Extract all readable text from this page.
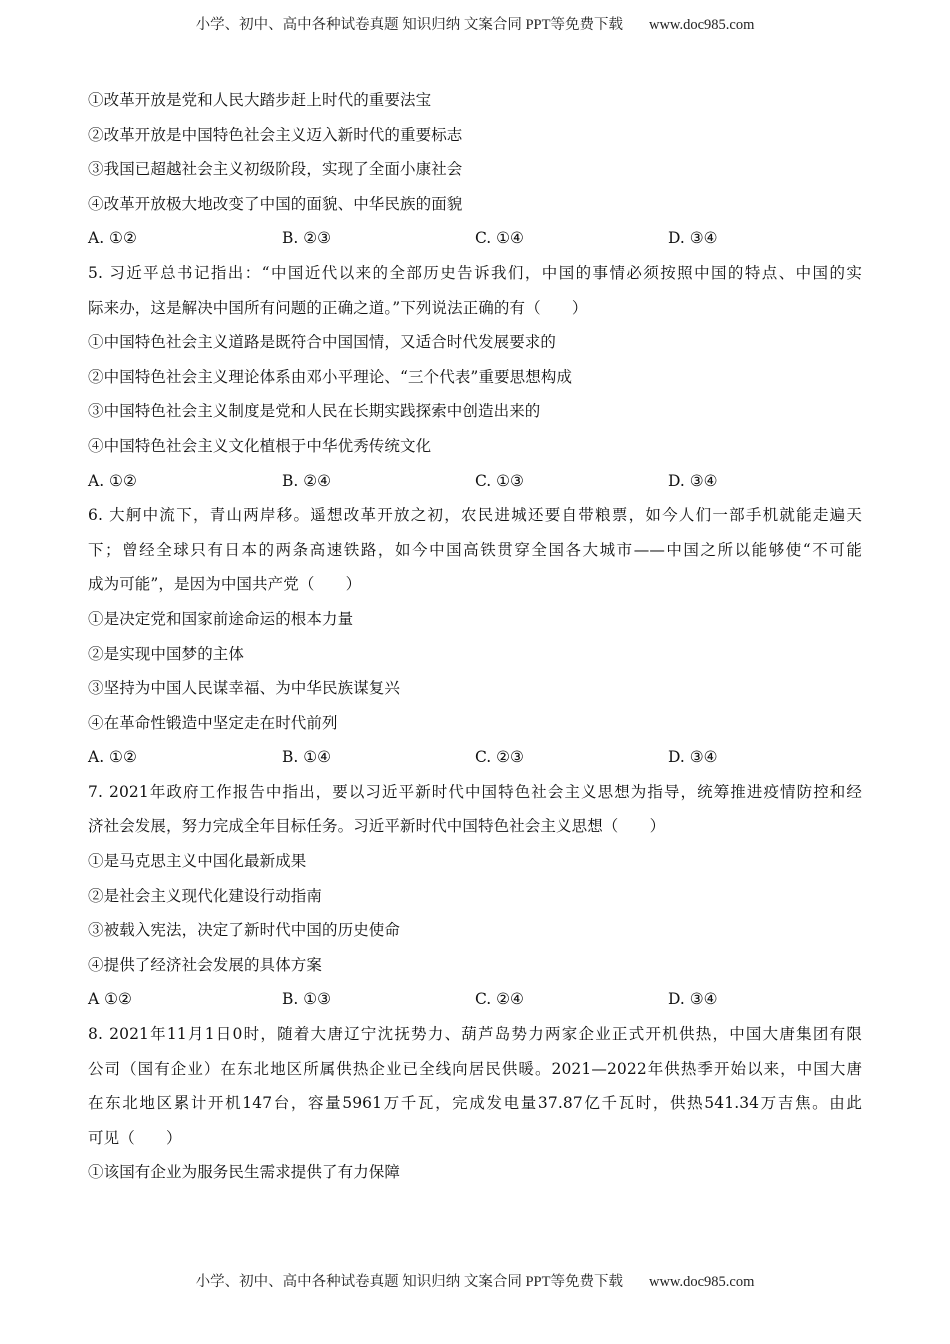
小学、初中、高中各种试卷真题 知识归纳 文案合同 PPT等免费下载 www.doc985.com
①改革开放是党和人民大踏步赶上时代的重要法宝
②改革开放是中国特色社会主义迈入新时代的重要标志
③我国已超越社会主义初级阶段，实现了全面小康社会
④改革开放极大地改变了中国的面貌、中华民族的面貌
A. ①②	B. ②③	C. ①④	D. ③④
5. 习近平总书记指出：“中国近代以来的全部历史告诉我们，中国的事情必须按照中国的特点、中国的实
际来办，这是解决中国所有问题的正确之道。”下列说法正确的有（　　）
①中国特色社会主义道路是既符合中国国情，又适合时代发展要求的
②中国特色社会主义理论体系由邓小平理论、“三个代表”重要思想构成
③中国特色社会主义制度是党和人民在长期实践探索中创造出来的
④中国特色社会主义文化植根于中华优秀传统文化
A. ①②	B. ②④	C. ①③	D. ③④
6. 大舸中流下，青山两岸移。遥想改革开放之初，农民进城还要自带粮票，如今人们一部手机就能走遍天
下；曾经全球只有日本的两条高速铁路，如今中国高铁贯穿全国各大城市——中国之所以能够使“不可能
成为可能”，是因为中国共产党（　　）
①是决定党和国家前途命运的根本力量
②是实现中国梦的主体
③坚持为中国人民谋幸福、为中华民族谋复兴
④在革命性锻造中坚定走在时代前列
A. ①②	B. ①④	C. ②③	D. ③④
7. 2021年政府工作报告中指出，要以习近平新时代中国特色社会主义思想为指导，统筹推进疫情防控和经
济社会发展，努力完成全年目标任务。习近平新时代中国特色社会主义思想（　　）
①是马克思主义中国化最新成果
②是社会主义现代化建设行动指南
③被载入宪法，决定了新时代中国的历史使命
④提供了经济社会发展的具体方案
A ①②	B. ①③	C. ②④	D. ③④
8. 2021年11月1日0时，随着大唐辽宁沈抚势力、葫芦岛势力两家企业正式开机供热，中国大唐集团有限
公司（国有企业）在东北地区所属供热企业已全线向居民供暖。2021—2022年供热季开始以来，中国大唐
在东北地区累计开机147台，容量5961万千瓦，完成发电量37.87亿千瓦时，供热541.34万吉焦。由此
可见（　　）
①该国有企业为服务民生需求提供了有力保障
小学、初中、高中各种试卷真题 知识归纳 文案合同 PPT等免费下载 www.doc985.com
